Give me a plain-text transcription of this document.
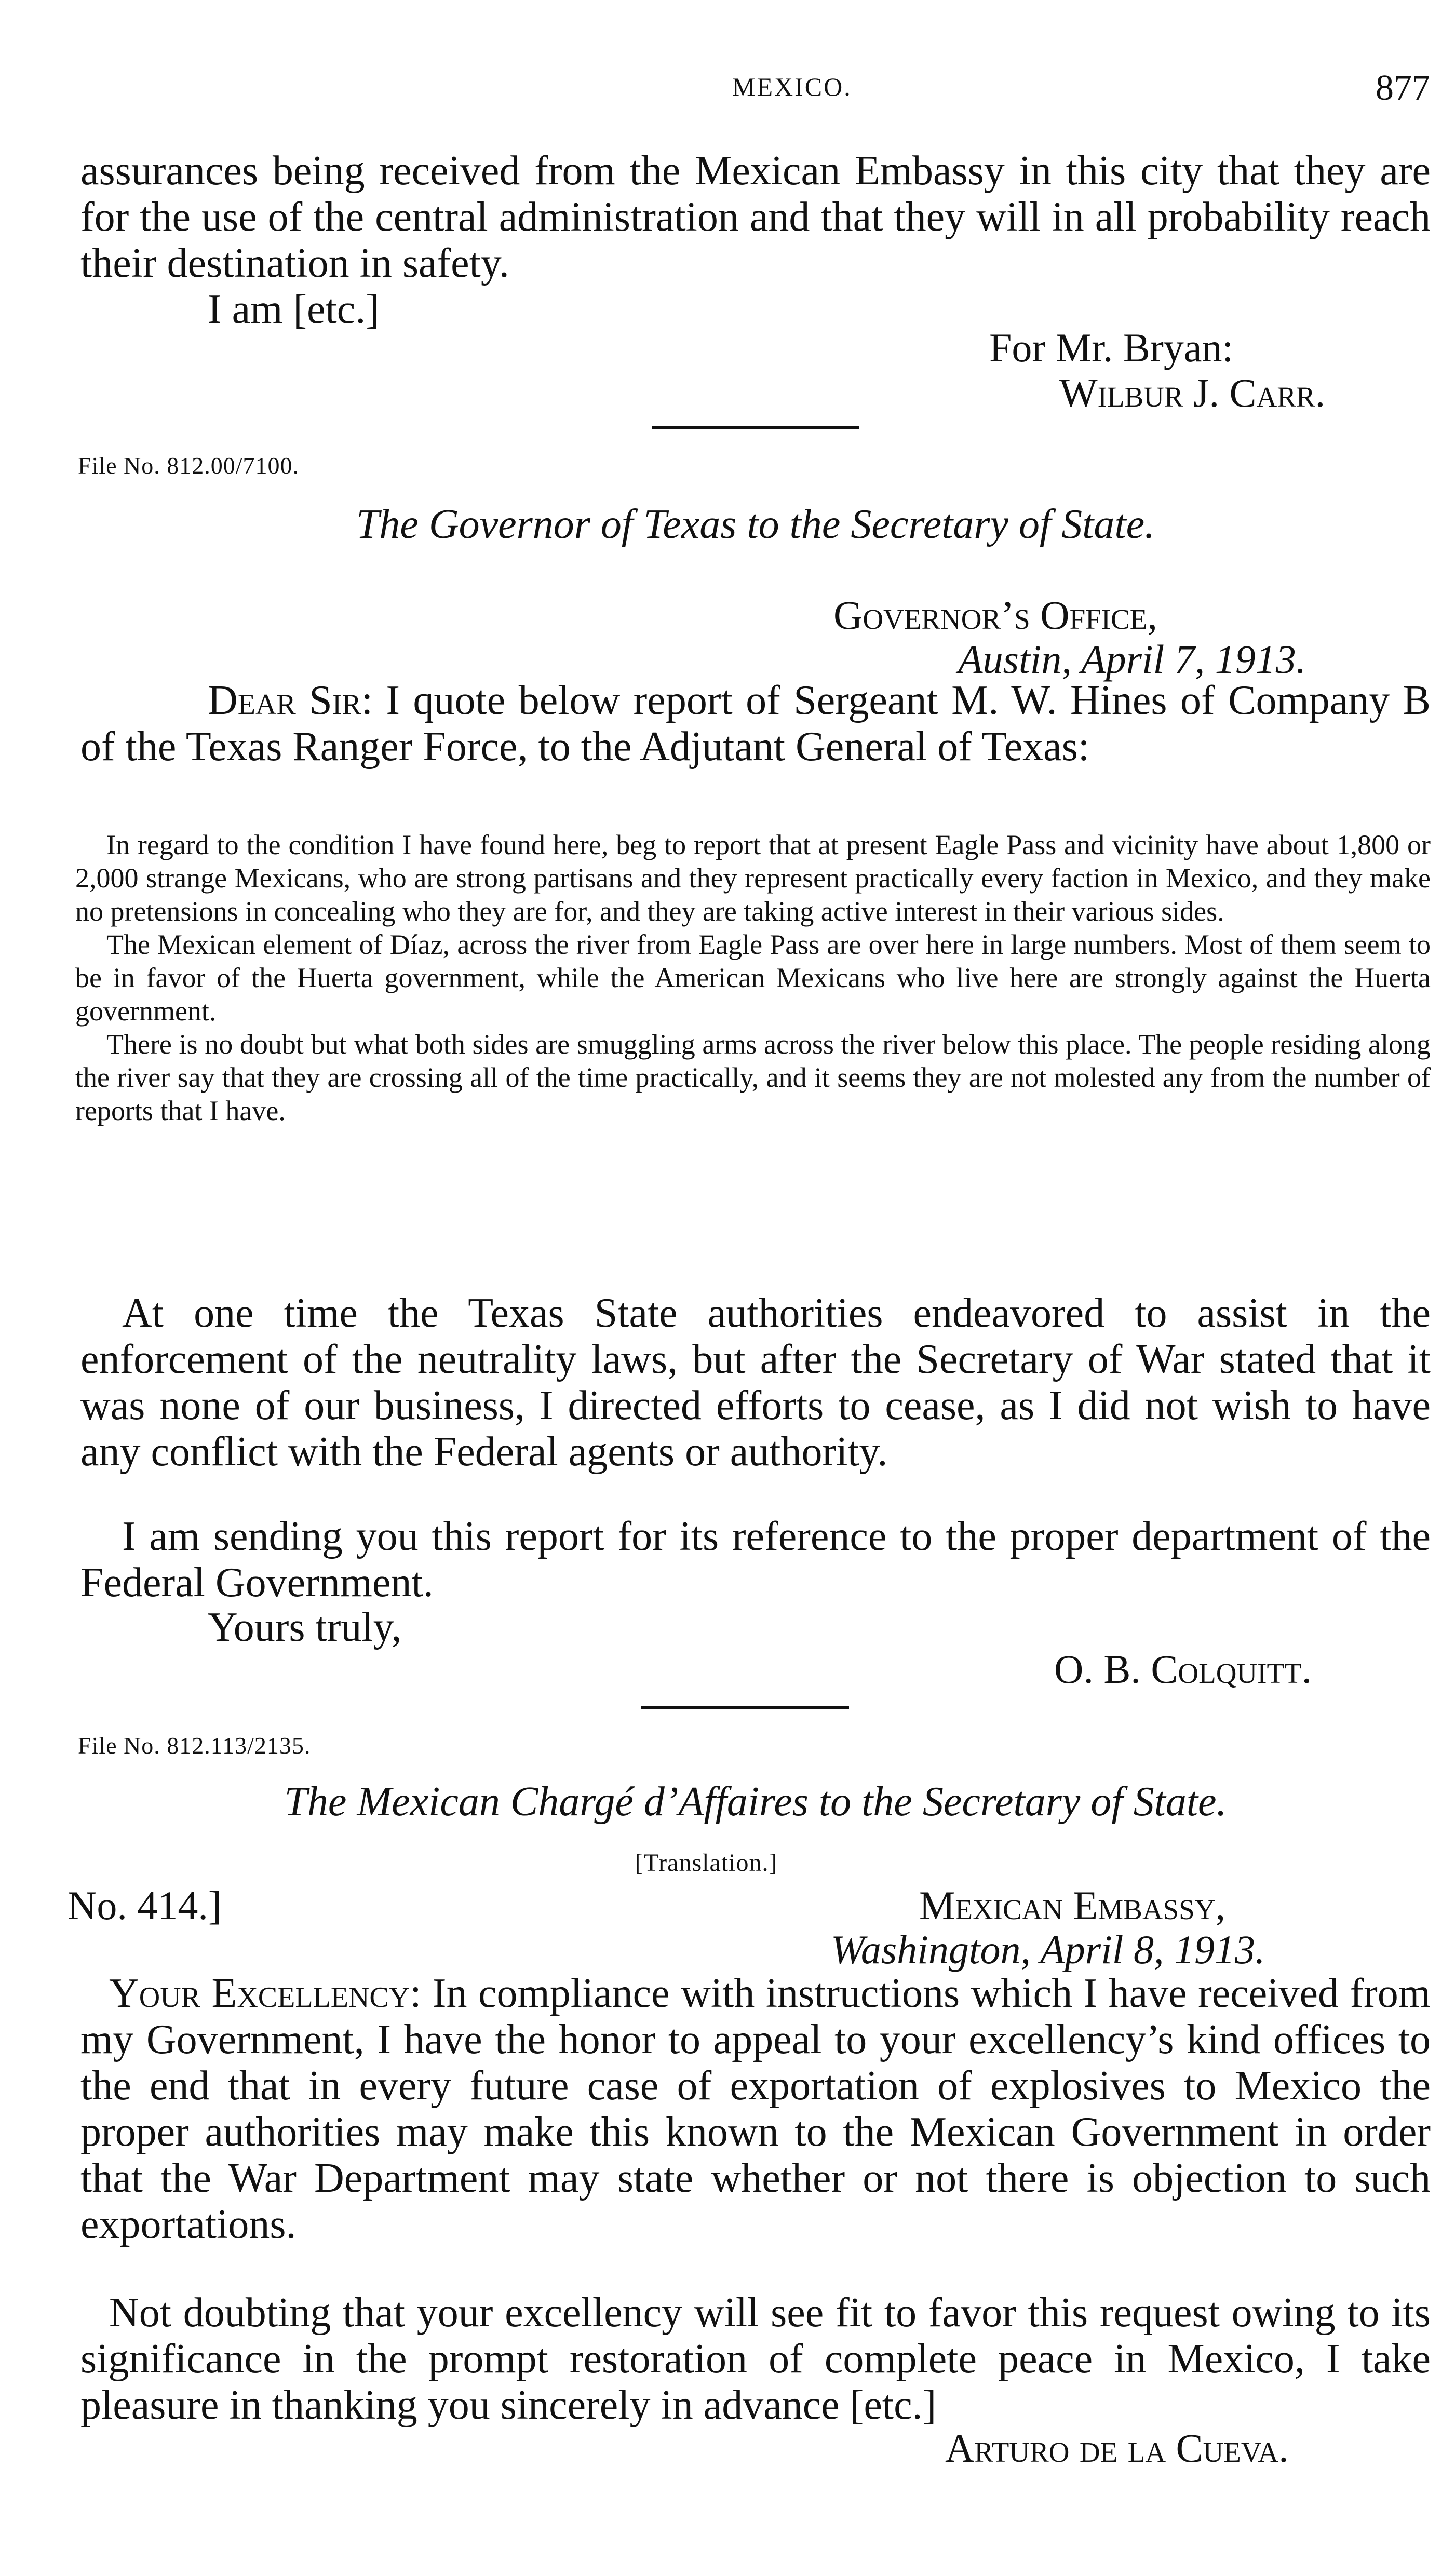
MEXICO.	877
assurances being received from the Mexican Embassy in this city that they are for the use of the central administration and that they will in all probability reach their destination in safety.
I am [etc.]
For Mr. Bryan:
Wilbur J. Carr.
File No. 812.00/7100.
The Governor of Texas to the Secretary of State.
Governor’s Office,
Austin, April 7, 1913.
Dear Sir: I quote below report of Sergeant M. W. Hines of Company B of the Texas Ranger Force, to the Adjutant General of Texas:

In regard to the condition I have found here, beg to report that at present Eagle Pass and vicinity have about 1,800 or 2,000 strange Mexicans, who are strong partisans and they represent practically every faction in Mexico, and they make no pretensions in concealing who they are for, and they are taking active interest in their various sides.

The Mexican element of Díaz, across the river from Eagle Pass are over here in large numbers. Most of them seem to be in favor of the Huerta government, while the American Mexicans who live here are strongly against the Huerta government.

There is no doubt but what both sides are smuggling arms across the river below this place. The people residing along the river say that they are crossing all of the time practically, and it seems they are not molested any from the number of reports that I have.

At one time the Texas State authorities endeavored to assist in the enforcement of the neutrality laws, but after the Secretary of War stated that it was none of our business, I directed efforts to cease, as I did not wish to have any conflict with the Federal agents or authority.
I am sending you this report for its reference to the proper department of the Federal Government.
Yours truly,
O. B. Colquitt.
File No. 812.113/2135.
The Mexican Chargé d’Affaires to the Secretary of State.
[Translation.]
No. 414.]	Mexican Embassy,
Washington, April 8, 1913.
Your Excellency: In compliance with instructions which I have received from my Government, I have the honor to appeal to your excellency’s kind offices to the end that in every future case of exportation of explosives to Mexico the proper authorities may make this known to the Mexican Government in order that the War Department may state whether or not there is objection to such exportations.
Not doubting that your excellency will see fit to favor this request owing to its significance in the prompt restoration of complete peace in Mexico, I take pleasure in thanking you sincerely in advance [etc.]
Arturo de la Cueva.
